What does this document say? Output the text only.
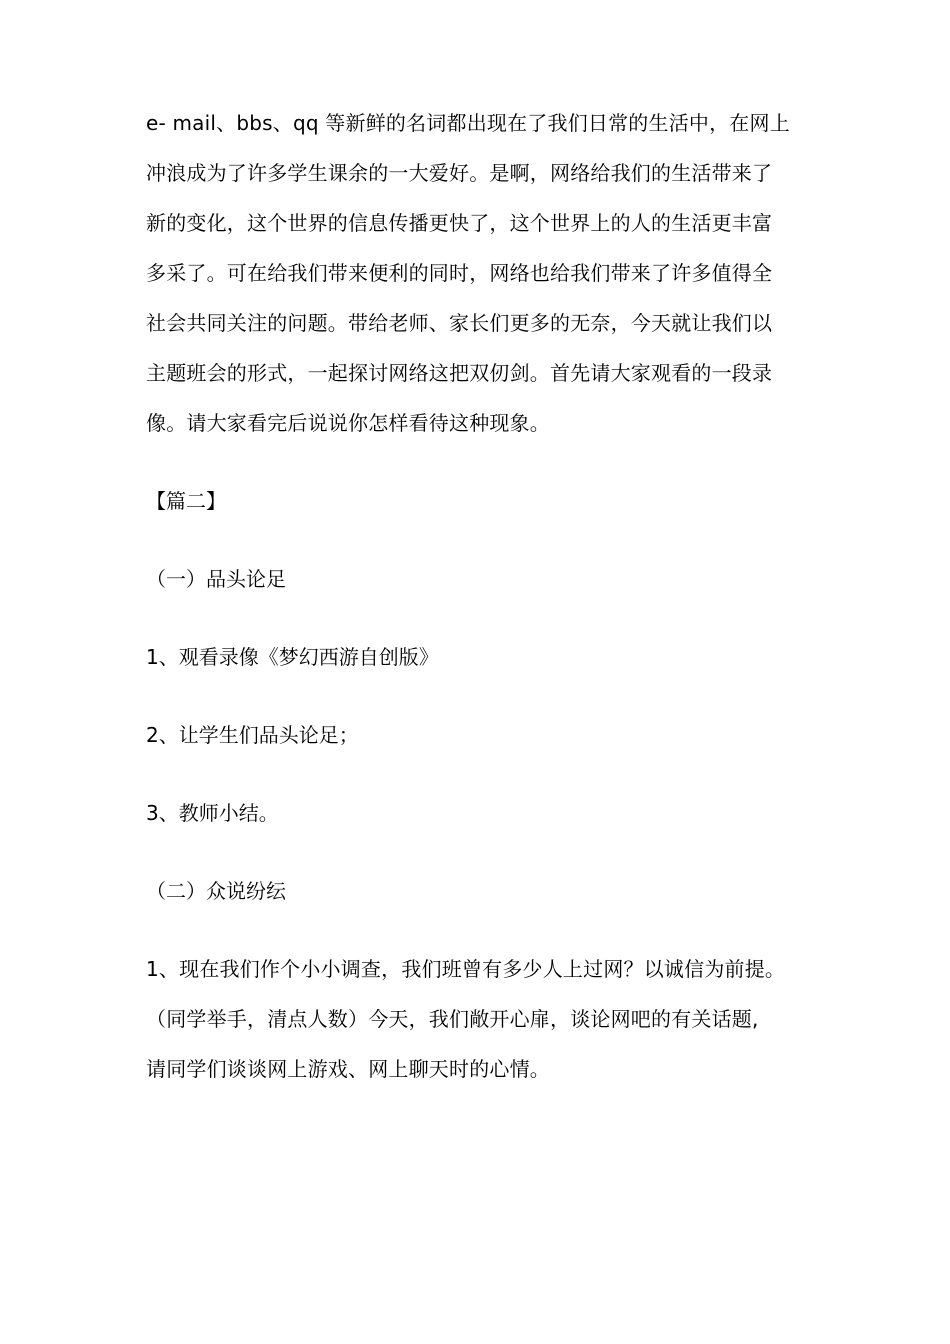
e- mail、bbs、qq 等新鲜的名词都出现在了我们日常的生活中，在网上
冲浪成为了许多学生课余的一大爱好。是啊，网络给我们的生活带来了
新的变化，这个世界的信息传播更快了，这个世界上的人的生活更丰富
多采了。可在给我们带来便利的同时，网络也给我们带来了许多值得全
社会共同关注的问题。带给老师、家长们更多的无奈，今天就让我们以
主题班会的形式，一起探讨网络这把双仞剑。首先请大家观看的一段录
像。请大家看完后说说你怎样看待这种现象。

【篇二】

（一）品头论足

1、观看录像《梦幻西游自创版》

2、让学生们品头论足；

3、教师小结。

（二）众说纷纭

1、现在我们作个小小调查，我们班曾有多少人上过网？以诚信为前提。
（同学举手，清点人数）今天，我们敞开心扉，谈论网吧的有关话题,
请同学们谈谈网上游戏、网上聊天时的心情。
